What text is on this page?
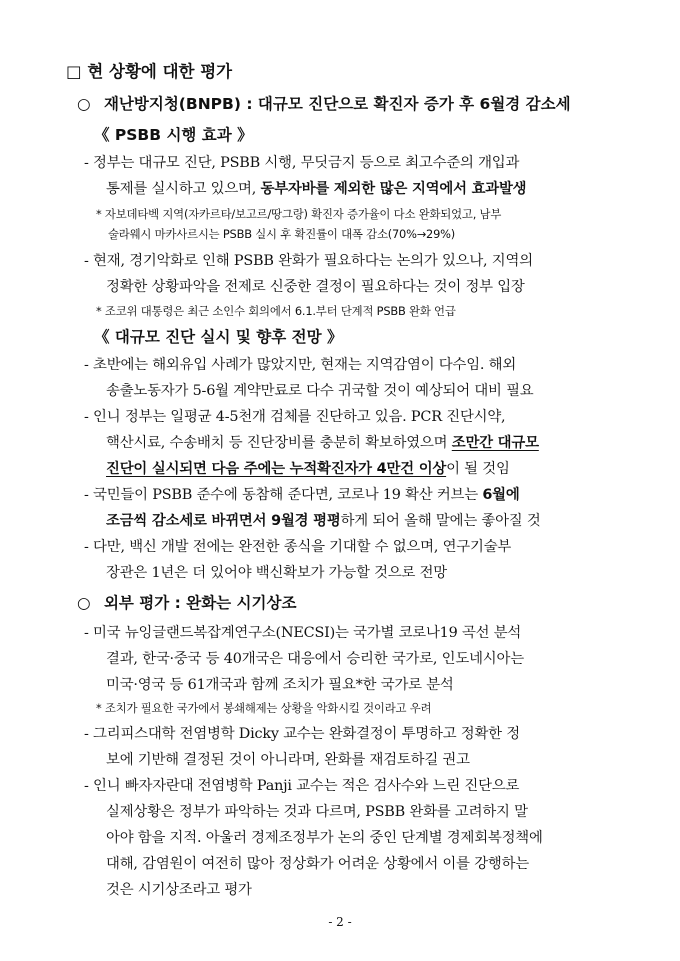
□ 현 상황에 대한 평가
○ 재난방지청(BNPB) : 대규모 진단으로 확진자 증가 후 6월경 감소세
《 PSBB 시행 효과 》
- 정부는 대규모 진단, PSBB 시행, 무딧금지 등으로 최고수준의 개입과
통제를 실시하고 있으며, 동부자바를 제외한 많은 지역에서 효과발생
* 자보데타벡 지역(자카르타/보고르/땅그랑) 확진자 증가율이 다소 완화되었고, 남부
술라웨시 마카사르시는 PSBB 실시 후 확진률이 대폭 감소(70%→29%)
- 현재, 경기악화로 인해 PSBB 완화가 필요하다는 논의가 있으나, 지역의
정확한 상황파악을 전제로 신중한 결정이 필요하다는 것이 정부 입장
* 조코위 대통령은 최근 소인수 회의에서 6.1.부터 단계적 PSBB 완화 언급
《 대규모 진단 실시 및 향후 전망 》
- 초반에는 해외유입 사례가 많았지만, 현재는 지역감염이 다수임. 해외
송출노동자가 5-6월 계약만료로 다수 귀국할 것이 예상되어 대비 필요
- 인니 정부는 일평균 4-5천개 검체를 진단하고 있음. PCR 진단시약,
핵산시료, 수송배치 등 진단장비를 충분히 확보하였으며 조만간 대규모
진단이 실시되면 다음 주에는 누적확진자가 4만건 이상이 될 것임
- 국민들이 PSBB 준수에 동참해 준다면, 코로나 19 확산 커브는 6월에
조금씩 감소세로 바뀌면서 9월경 평평하게 되어 올해 말에는 좋아질 것
- 다만, 백신 개발 전에는 완전한 종식을 기대할 수 없으며, 연구기술부
장관은 1년은 더 있어야 백신확보가 가능할 것으로 전망
○ 외부 평가 : 완화는 시기상조
- 미국 뉴잉글랜드복잡계연구소(NECSI)는 국가별 코로나19 곡선 분석
결과, 한국·중국 등 40개국은 대응에서 승리한 국가로, 인도네시아는
미국·영국 등 61개국과 함께 조치가 필요*한 국가로 분석
* 조치가 필요한 국가에서 봉쇄해제는 상황을 악화시킬 것이라고 우려
- 그리피스대학 전염병학 Dicky 교수는 완화결정이 투명하고 정확한 정
보에 기반해 결정된 것이 아니라며, 완화를 재검토하길 권고
- 인니 빠자자란대 전염병학 Panji 교수는 적은 검사수와 느린 진단으로
실제상황은 정부가 파악하는 것과 다르며, PSBB 완화를 고려하지 말
아야 함을 지적. 아울러 경제조정부가 논의 중인 단계별 경제회복정책에
대해, 감염원이 여전히 많아 정상화가 어려운 상황에서 이를 강행하는
것은 시기상조라고 평가
- 2 -
